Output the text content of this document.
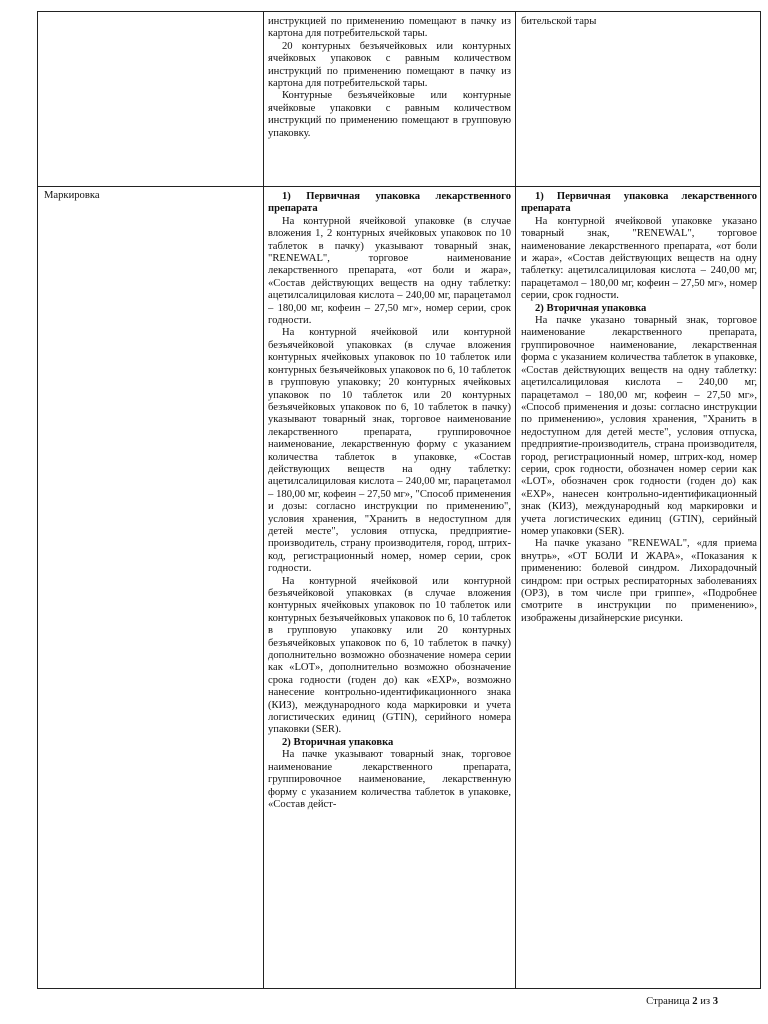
инструкцией по применению помещают в пачку из картона для потребительской тары.

20 контурных безъячейковых или контурных ячейковых упаковок с равным количеством инструкций по применению помещают в пачку из картона для потребительской тары.

Контурные безъячейковые или контурные ячейковые упаковки с равным количеством инструкций по применению помещают в групповую упаковку.

бительской тары

Маркировка	1) Первичная упаковка лекарственного препарата

На контурной ячейковой упаковке (в случае вложения 1, 2 контурных ячейковых упаковок по 10 таблеток в пачку) указывают товарный знак, "RENEWAL", торговое наименование лекарственного препарата, «от боли и жара», «Состав действующих веществ на одну таблетку: ацетилсалициловая кислота – 240,00 мг, парацетамол – 180,00 мг, кофеин – 27,50 мг», номер серии, срок годности.

На контурной ячейковой или контурной безъячейковой упаковках (в случае вложения контурных ячейковых упаковок по 10 таблеток или контурных безъячейковых упаковок по 6, 10 таблеток в групповую упаковку; 20 контурных ячейковых упаковок по 10 таблеток или 20 контурных безъячейковых упаковок по 6, 10 таблеток в пачку) указывают товарный знак, торговое наименование лекарственного препарата, группировочное наименование, лекарственную форму с указанием количества таблеток в упаковке, «Состав действующих веществ на одну таблетку: ацетилсалициловая кислота – 240,00 мг, парацетамол – 180,00 мг, кофеин – 27,50 мг», "Способ применения и дозы: согласно инструкции по применению", условия хранения, "Хранить в недоступном для детей месте", условия отпуска, предприятие-производитель, страну производителя, город, штрих-код, регистрационный номер, номер серии, срок годности.

На контурной ячейковой или контурной безъячейковой упаковках (в случае вложения контурных ячейковых упаковок по 10 таблеток или контурных безъячейковых упаковок по 6, 10 таблеток в групповую упаковку или 20 контурных безъячейковых упаковок по 6, 10 таблеток в пачку) дополнительно возможно обозначение номера серии как «LOT», дополнительно возможно обозначение срока годности (годен до) как «EXP», возможно нанесение контрольно-идентификационного знака (КИЗ), международного кода маркировки и учета логистических единиц (GTIN), серийного номера упаковки (SER).

2) Вторичная упаковка

На пачке указывают товарный знак, торговое наименование лекарственного препарата, группировочное наименование, лекарственную форму с указанием количества таблеток в упаковке, «Состав дейст-

1) Первичная упаковка лекарственного препарата

На контурной ячейковой упаковке указано товарный знак, "RENEWAL", торговое наименование лекарственного препарата, «от боли и жара», «Состав действующих веществ на одну таблетку: ацетилсалициловая кислота – 240,00 мг, парацетамол – 180,00 мг, кофеин – 27,50 мг», номер серии, срок годности.

2) Вторичная упаковка

На пачке указано товарный знак, торговое наименование лекарственного препарата, группировочное наименование, лекарственная форма с указанием количества таблеток в упаковке, «Состав действующих веществ на одну таблетку: ацетилсалициловая кислота – 240,00 мг, парацетамол – 180,00 мг, кофеин – 27,50 мг», «Способ применения и дозы: согласно инструкции по применению», условия хранения, "Хранить в недоступном для детей месте", условия отпуска, предприятие-производитель, страна производителя, город, регистрационный номер, штрих-код, номер серии, срок годности, обозначен номер серии как «LOT», обозначен срок годности (годен до) как «EXP», нанесен контрольно-идентификационный знак (КИЗ), международный код маркировки и учета логистических единиц (GTIN), серийный номер упаковки (SER).

На пачке указано "RENEWAL", «для приема внутрь», «ОТ БОЛИ И ЖАРА», «Показания к применению: болевой синдром. Лихорадочный синдром: при острых респираторных заболеваниях (ОРЗ), в том числе при гриппе», «Подробнее смотрите в инструкции по применению», изображены дизайнерские рисунки.

Страница 2 из 3
